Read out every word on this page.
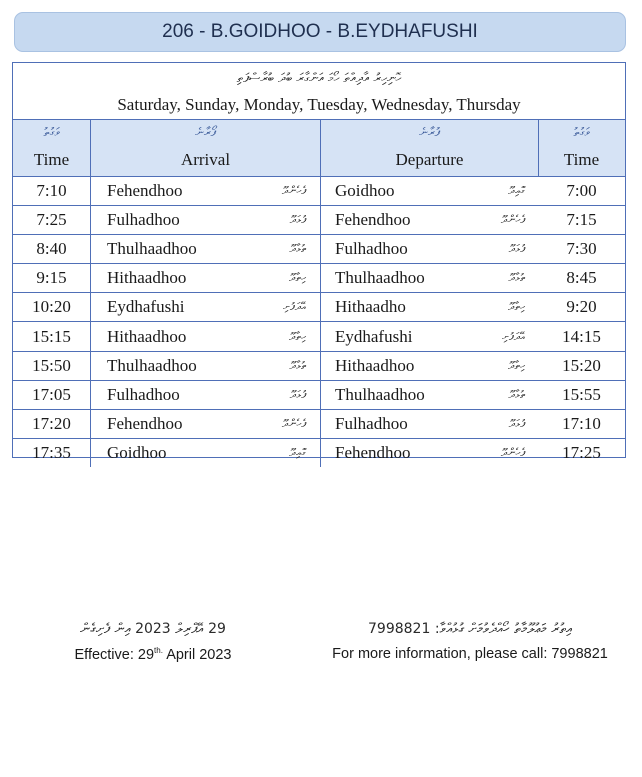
206 - B.GOIDHOO - B.EYDHAFUSHI
ހޮނިހިރު އާދިއްތަ ހޯމަ އަންގާރަ ބުދަ ބުރާސްފަތި
Saturday, Sunday, Monday, Tuesday, Wednesday, Thursday
ވަގުތު
Time
ފޯރާނެ
Arrival
ފުރާނެ
Departure
ވަގުތު
Time
7:10	Fehendhoo	ފެހެންދޫ Goidhoo	ގޮއިދޫ	7:00
7:25	Fulhadhoo	ފުޅަދޫ Fehendhoo	ފެހެންދޫ	7:15
8:40	Thulhaadhoo	ތުޅާދޫ Fulhadhoo	ފުޅަދޫ	7:30
9:15	Hithaadhoo	ހިތާދޫ Thulhaadhoo	ތުޅާދޫ	8:45
10:20	Eydhafushi	އޭދަފުށި Hithaadho	ހިތާދޫ	9:20
15:15	Hithaadhoo	ހިތާދޫ Eydhafushi	އޭދަފުށި	14:15
15:50	Thulhaadhoo	ތުޅާދޫ Hithaadhoo	ހިތާދޫ	15:20
17:05	Fulhadhoo	ފުޅަދޫ Thulhaadhoo	ތުޅާދޫ	15:55
17:20	Fehendhoo	ފެހެންދޫ Fulhadhoo	ފުޅަދޫ	17:10
17:35	Goidhoo	ގޮއިދޫ Fehendhoo	ފެހެންދޫ	17:25
29 އޭޕްރިލް 2023 އިން ފެށިގެން
Effective: $29^{th.}$ April 2023
އިތުރު މަޢުލޫމާތު ހޯއްދެވުމަށް ގުޅުއްވާ: 7998821
For more information, please call: 7998821
